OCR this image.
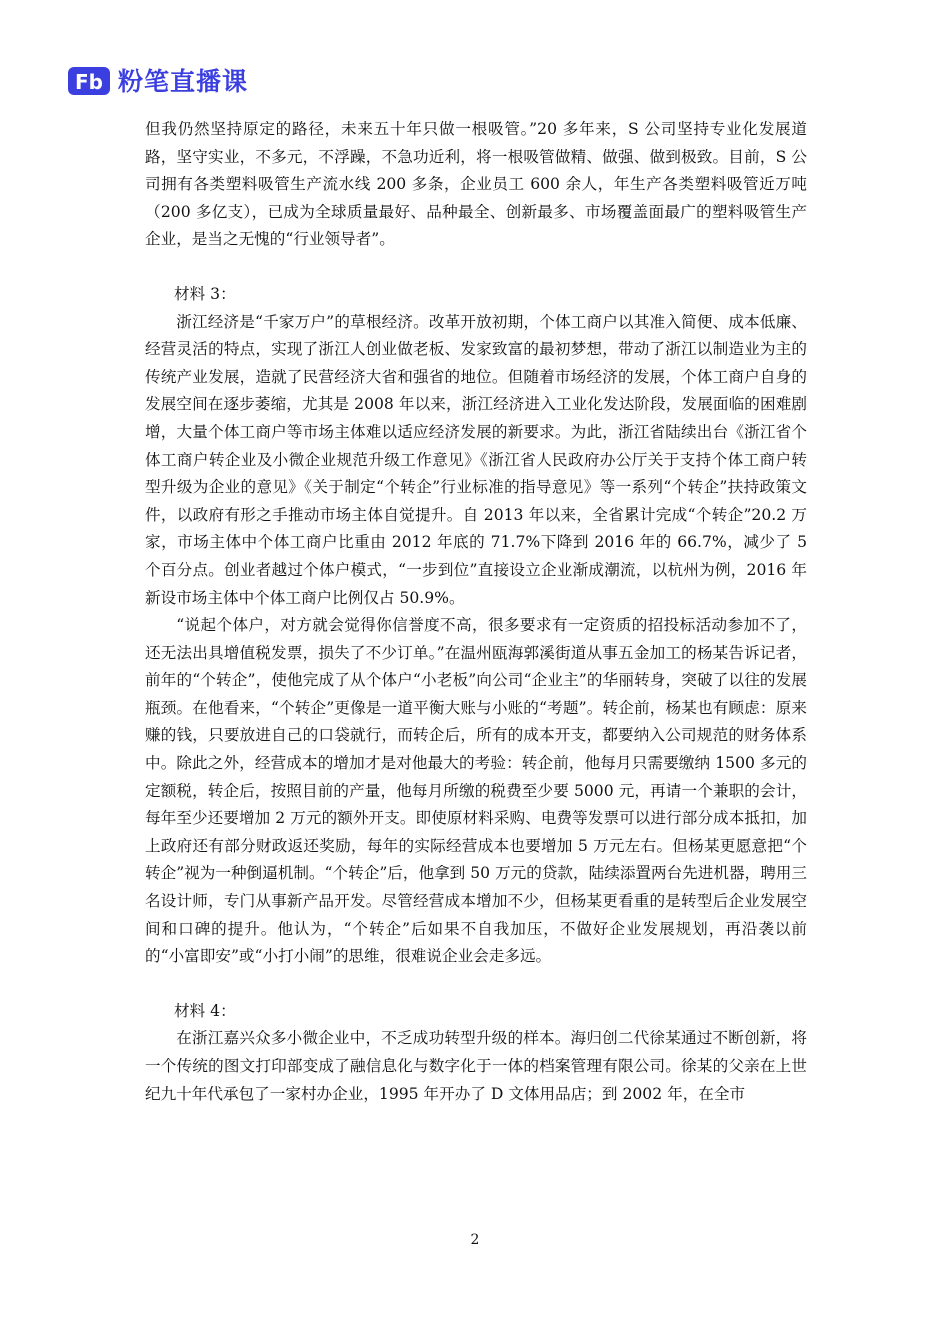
Fb 粉笔直播课

但我仍然坚持原定的路径，未来五十年只做一根吸管。”20 多年来，S 公司坚持专业化发展道路，坚守实业，不多元，不浮躁，不急功近利，将一根吸管做精、做强、做到极致。目前，S 公司拥有各类塑料吸管生产流水线 200 多条，企业员工 600 余人，年生产各类塑料吸管近万吨（200 多亿支），已成为全球质量最好、品种最全、创新最多、市场覆盖面最广的塑料吸管生产企业，是当之无愧的“行业领导者”。

材料 3：

浙江经济是“千家万户”的草根经济。改革开放初期，个体工商户以其准入简便、成本低廉、经营灵活的特点，实现了浙江人创业做老板、发家致富的最初梦想，带动了浙江以制造业为主的传统产业发展，造就了民营经济大省和强省的地位。但随着市场经济的发展，个体工商户自身的发展空间在逐步萎缩，尤其是 2008 年以来，浙江经济进入工业化发达阶段，发展面临的困难剧增，大量个体工商户等市场主体难以适应经济发展的新要求。为此，浙江省陆续出台《浙江省个体工商户转企业及小微企业规范升级工作意见》《浙江省人民政府办公厅关于支持个体工商户转型升级为企业的意见》《关于制定“个转企”行业标准的指导意见》等一系列“个转企”扶持政策文件，以政府有形之手推动市场主体自觉提升。自 2013 年以来，全省累计完成“个转企”20.2 万家，市场主体中个体工商户比重由 2012 年底的 71.7%下降到 2016 年的 66.7%，减少了 5 个百分点。创业者越过个体户模式，“一步到位”直接设立企业渐成潮流，以杭州为例，2016 年新设市场主体中个体工商户比例仅占 50.9%。

“说起个体户，对方就会觉得你信誉度不高，很多要求有一定资质的招投标活动参加不了，还无法出具增值税发票，损失了不少订单。”在温州瓯海郭溪街道从事五金加工的杨某告诉记者，前年的“个转企”，使他完成了从个体户“小老板”向公司“企业主”的华丽转身，突破了以往的发展瓶颈。在他看来，“个转企”更像是一道平衡大账与小账的“考题”。转企前，杨某也有顾虑：原来赚的钱，只要放进自己的口袋就行，而转企后，所有的成本开支，都要纳入公司规范的财务体系中。除此之外，经营成本的增加才是对他最大的考验：转企前，他每月只需要缴纳 1500 多元的定额税，转企后，按照目前的产量，他每月所缴的税费至少要 5000 元，再请一个兼职的会计，每年至少还要增加 2 万元的额外开支。即使原材料采购、电费等发票可以进行部分成本抵扣，加上政府还有部分财政返还奖励，每年的实际经营成本也要增加 5 万元左右。但杨某更愿意把“个转企”视为一种倒逼机制。“个转企”后，他拿到 50 万元的贷款，陆续添置两台先进机器，聘用三名设计师，专门从事新产品开发。尽管经营成本增加不少，但杨某更看重的是转型后企业发展空间和口碑的提升。他认为，“个转企”后如果不自我加压，不做好企业发展规划，再沿袭以前的“小富即安”或“小打小闹”的思维，很难说企业会走多远。

材料 4：

在浙江嘉兴众多小微企业中，不乏成功转型升级的样本。海归创二代徐某通过不断创新，将一个传统的图文打印部变成了融信息化与数字化于一体的档案管理有限公司。徐某的父亲在上世纪九十年代承包了一家村办企业，1995 年开办了 D 文体用品店；到 2002 年，在全市

2
